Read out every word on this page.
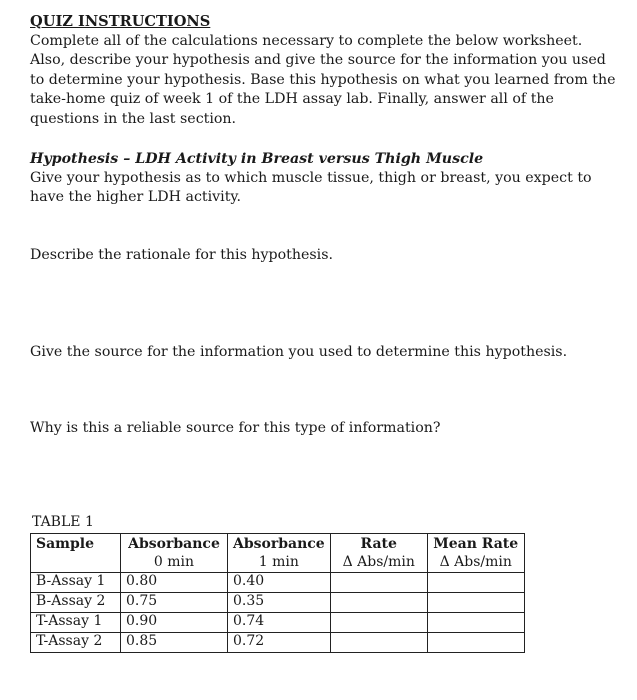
QUIZ INSTRUCTIONS
Complete all of the calculations necessary to complete the below worksheet. Also, describe your hypothesis and give the source for the information you used to determine your hypothesis. Base this hypothesis on what you learned from the take-home quiz of week 1 of the LDH assay lab. Finally, answer all of the questions in the last section.
Hypothesis – LDH Activity in Breast versus Thigh Muscle
Give your hypothesis as to which muscle tissue, thigh or breast, you expect to have the higher LDH activity.
Describe the rationale for this hypothesis.
Give the source for the information you used to determine this hypothesis.
Why is this a reliable source for this type of information?
TABLE 1
Sample	Absorbance	Absorbance	Rate	Mean Rate
	0 min	1 min	Δ Abs/min	Δ Abs/min
B-Assay 1	0.80	0.40		
B-Assay 2	0.75	0.35		
T-Assay 1	0.90	0.74		
T-Assay 2	0.85	0.72		
